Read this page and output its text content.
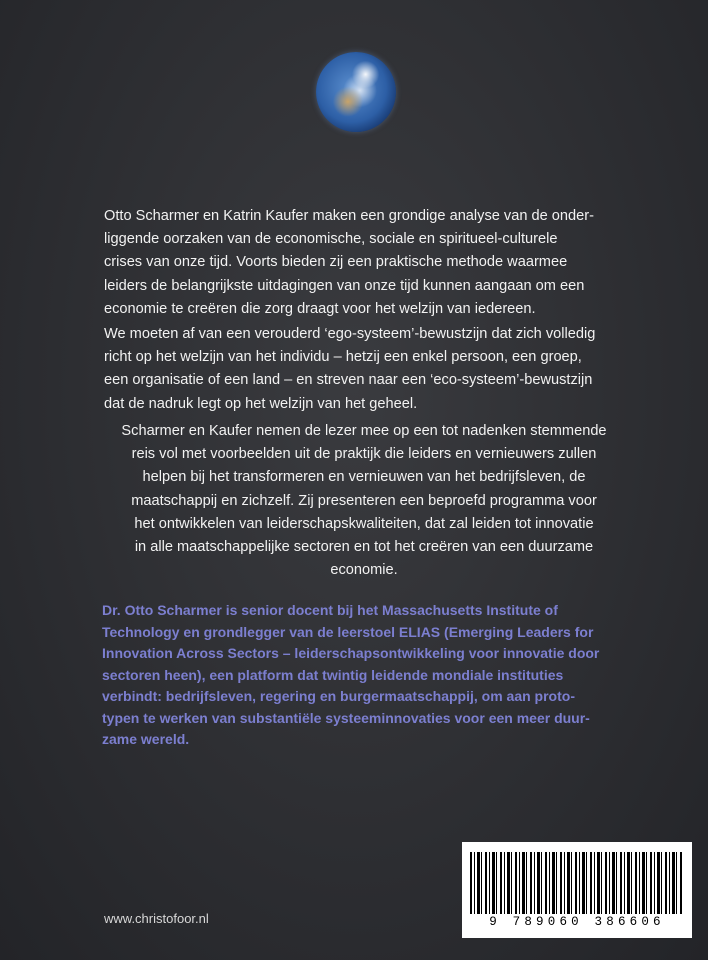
Otto Scharmer en Katrin Kaufer maken een grondige analyse van de onder-
liggende oorzaken van de economische, sociale en spiritueel-culturele
crises van onze tijd. Voorts bieden zij een praktische methode waarmee
leiders de belangrijkste uitdagingen van onze tijd kunnen aangaan om een
economie te creëren die zorg draagt voor het welzijn van iedereen.

We moeten af van een verouderd ‘ego-systeem’-bewustzijn dat zich volledig
richt op het welzijn van het individu – hetzij een enkel persoon, een groep,
een organisatie of een land – en streven naar een ‘eco-systeem’-bewustzijn
dat de nadruk legt op het welzijn van het geheel.

Scharmer en Kaufer nemen de lezer mee op een tot nadenken stemmende
reis vol met voorbeelden uit de praktijk die leiders en vernieuwers zullen
helpen bij het transformeren en vernieuwen van het bedrijfsleven, de
maatschappij en zichzelf. Zij presenteren een beproefd programma voor
het ontwikkelen van leiderschapskwaliteiten, dat zal leiden tot innovatie
in alle maatschappelijke sectoren en tot het creëren van een duurzame
economie.

Dr. Otto Scharmer is senior docent bij het Massachusetts Institute of
Technology en grondlegger van de leerstoel ELIAS (Emerging Leaders for
Innovation Across Sectors – leiderschapsontwikkeling voor innovatie door
sectoren heen), een platform dat twintig leidende mondiale instituties
verbindt: bedrijfsleven, regering en burgermaatschappij, om aan proto-
typen te werken van substantiële systeeminnovaties voor een meer duur-
zame wereld.
9 789060 386606
www.christofoor.nl
